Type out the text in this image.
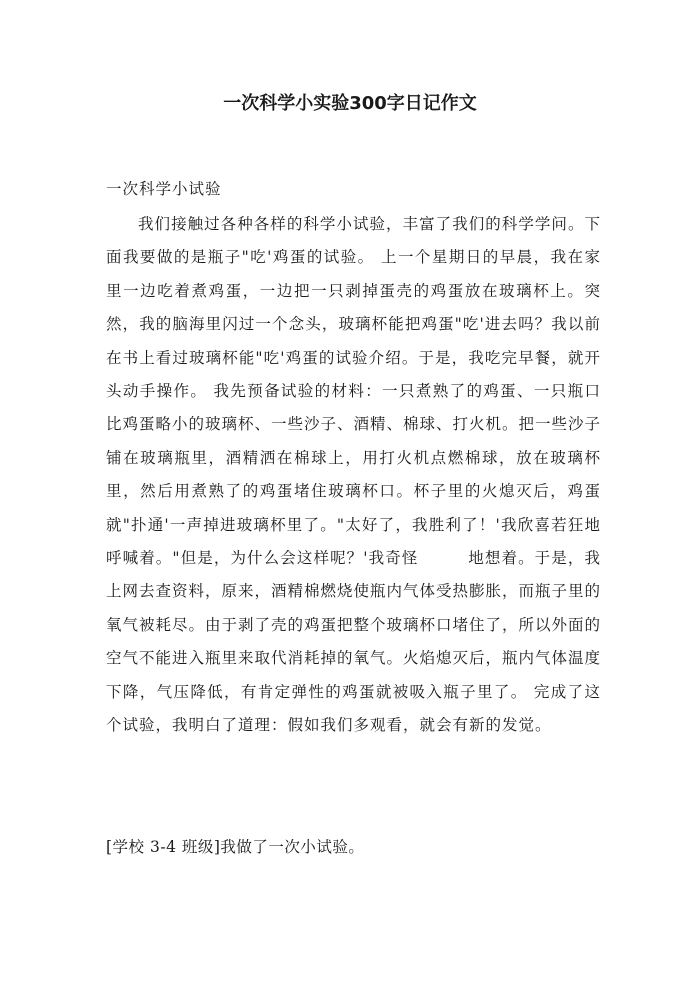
一次科学小实验300字日记作文

一次科学小试验

我们接触过各种各样的科学小试验，丰富了我们的科学学问。下面我要做的是瓶子"吃'鸡蛋的试验。 上一个星期日的早晨，我在家里一边吃着煮鸡蛋，一边把一只剥掉蛋壳的鸡蛋放在玻璃杯上。突然，我的脑海里闪过一个念头，玻璃杯能把鸡蛋"吃'进去吗？我以前在书上看过玻璃杯能"吃'鸡蛋的试验介绍。于是，我吃完早餐，就开头动手操作。 我先预备试验的材料：一只煮熟了的鸡蛋、一只瓶口比鸡蛋略小的玻璃杯、一些沙子、酒精、棉球、打火机。把一些沙子铺在玻璃瓶里，酒精洒在棉球上，用打火机点燃棉球，放在玻璃杯里，然后用煮熟了的鸡蛋堵住玻璃杯口。杯子里的火熄灭后，鸡蛋就"扑通'一声掉进玻璃杯里了。"太好了，我胜利了！'我欣喜若狂地呼喊着。"但是，为什么会这样呢？'我奇怪　　　地想着。于是，我上网去查资料，原来，酒精棉燃烧使瓶内气体受热膨胀，而瓶子里的氧气被耗尽。由于剥了壳的鸡蛋把整个玻璃杯口堵住了，所以外面的空气不能进入瓶里来取代消耗掉的氧气。火焰熄灭后，瓶内气体温度下降，气压降低，有肯定弹性的鸡蛋就被吸入瓶子里了。 完成了这个试验，我明白了道理：假如我们多观看，就会有新的发觉。

[学校 3-4 班级]我做了一次小试验。
